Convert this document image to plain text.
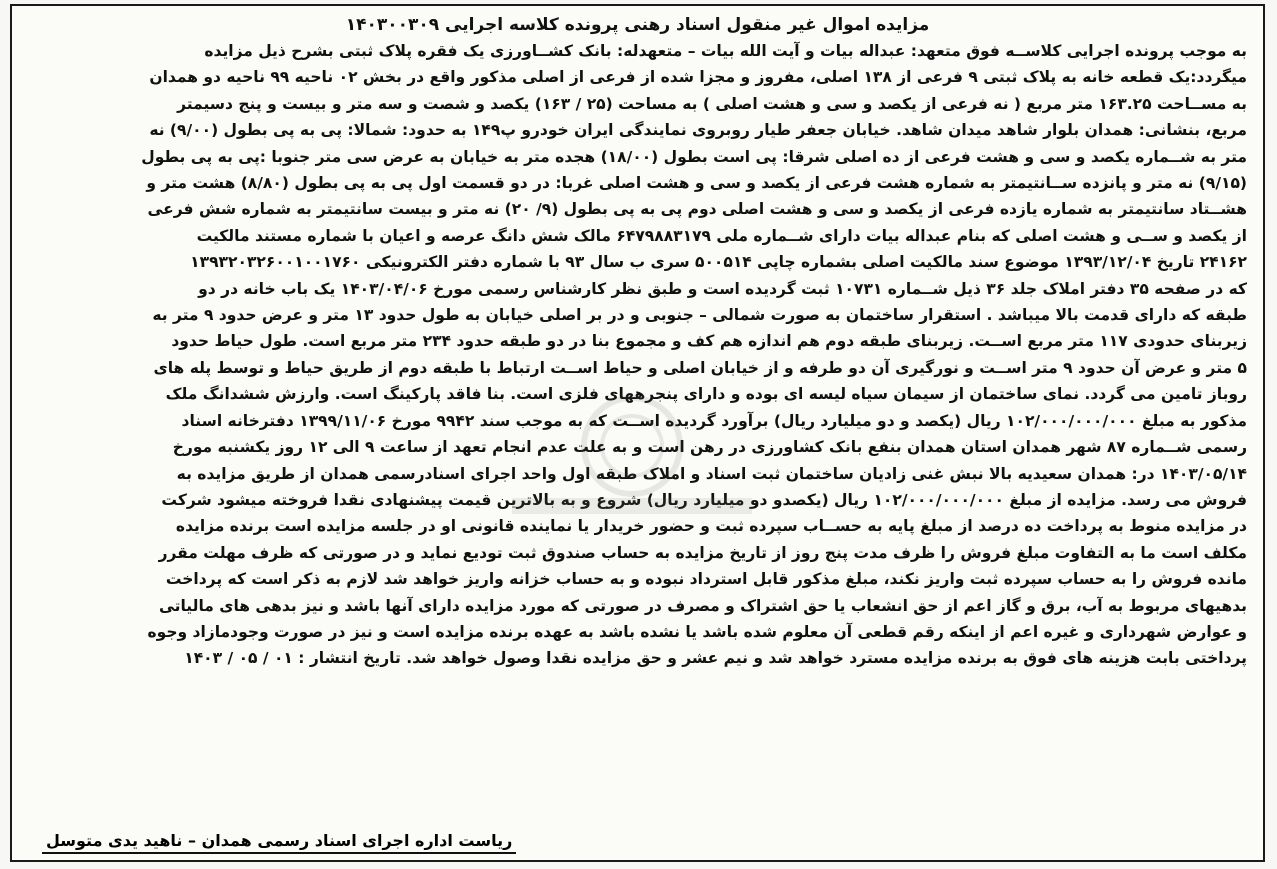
مزایده اموال غیر منقول اسناد رهنی پرونده کلاسه اجرایی ۱۴۰۳۰۰۳۰۹
به موجب پرونده اجرایی کلاســه فوق متعهد: عبداله بیات و آیت الله بیات – متعهدله: بانک کشــاورزی یک فقره پلاک ثبتی بشرح ذیل مزایده
میگردد:یک قطعه خانه به پلاک ثبتی ۹ فرعی از ۱۳۸ اصلی، مفروز و مجزا شده از فرعی از اصلی مذکور واقع در بخش ۰۲ ناحیه ۹۹ ناحیه دو همدان
به مســاحت ۱۶۳.۲۵ متر مربع ( نه فرعی از یکصد و سی و هشت اصلی ) به مساحت (۲۵ / ۱۶۳) یکصد و شصت و سه متر و بیست و پنج دسیمتر
مربع، بنشانی: همدان بلوار شاهد میدان شاهد. خیابان جعفر طیار روبروی نمایندگی ایران خودرو پ۱۴۹ به حدود: شمالا: پی به پی بطول (۹/۰۰) نه
متر به شــماره یکصد و سی و هشت فرعی از ده اصلی شرقا: پی است بطول (۱۸/۰۰) هجده متر به خیابان به عرض سی متر جنوبا :پی به پی بطول
(۹/۱۵) نه متر و پانزده ســانتیمتر به شماره هشت فرعی از یکصد و سی و هشت اصلی غربا: در دو قسمت اول پی به پی بطول (۸/۸۰) هشت متر و
هشــتاد سانتیمتر به شماره یازده فرعی از یکصد و سی و هشت اصلی دوم پی به پی بطول (۹/ ۲۰) نه متر و بیست سانتیمتر به شماره شش فرعی
از یکصد و ســی و هشت اصلی که بنام عبداله بیات دارای شــماره ملی ۶۴۷۹۸۸۳۱۷۹ مالک شش دانگ عرصه و اعیان با شماره مستند مالکیت
۲۴۱۶۲ تاریخ ۱۳۹۳/۱۲/۰۴ موضوع سند مالکیت اصلی بشماره چاپی ۵۰۰۵۱۴ سری ب سال ۹۳ با شماره دفتر الکترونیکی ۱۳۹۳۲۰۳۲۶۰۰۱۰۰۱۷۶۰
که در صفحه ۳۵ دفتر املاک جلد ۳۶ ذیل شــماره ۱۰۷۳۱ ثبت گردیده است و طبق نظر کارشناس رسمی مورخ ۱۴۰۳/۰۴/۰۶ یک باب خانه در دو
طبقه که دارای قدمت بالا میباشد . استقرار ساختمان به صورت شمالی – جنوبی و در بر اصلی خیابان به طول حدود ۱۳ متر و عرض حدود ۹ متر به
زیربنای حدودی ۱۱۷ متر مربع اســت. زیربنای طبقه دوم هم اندازه هم کف و مجموع بنا در دو طبقه حدود ۲۳۴ متر مربع است. طول حیاط حدود
۵ متر و عرض آن حدود ۹ متر اســت و نورگیری آن دو طرفه و از خیابان اصلی و حیاط اســت ارتباط با طبقه دوم از طریق حیاط و توسط پله های
روباز تامین می گردد. نمای ساختمان از سیمان سیاه لیسه ای بوده و دارای پنجرههای فلزی است. بنا فاقد پارکینگ است. وارزش ششدانگ ملک
مذکور به مبلغ ۱۰۲/۰۰۰/۰۰۰/۰۰۰ ریال (یکصد و دو میلیارد ریال) برآورد گردیده اســت که به موجب سند ۹۹۴۲ مورخ ۱۳۹۹/۱۱/۰۶ دفترخانه اسناد
رسمی شــماره ۸۷ شهر همدان استان همدان بنفع بانک کشاورزی در رهن است و به علت عدم انجام تعهد از ساعت ۹ الی ۱۲ روز یکشنبه مورخ
۱۴۰۳/۰۵/۱۴ در: همدان سعیدیه بالا نبش غنی زادیان ساختمان ثبت اسناد و املاک طبقه اول واحد اجرای اسنادرسمی همدان از طریق مزایده به
فروش می رسد. مزایده از مبلغ ۱۰۲/۰۰۰/۰۰۰/۰۰۰ ریال (یکصدو دو میلیارد ریال) شروع و به بالاترین قیمت پیشنهادی نقدا فروخته میشود شرکت
در مزایده منوط به پرداخت ده درصد از مبلغ پایه به حســاب سپرده ثبت و حضور خریدار یا نماینده قانونی او در جلسه مزایده است برنده مزایده
مکلف است ما به التفاوت مبلغ فروش را ظرف مدت پنج روز از تاریخ مزایده به حساب صندوق ثبت تودیع نماید و در صورتی که ظرف مهلت مقرر
مانده فروش را به حساب سپرده ثبت واریز نکند، مبلغ مذکور قابل استرداد نبوده و به حساب خزانه واریز خواهد شد لازم به ذکر است که پرداخت
بدهیهای مربوط به آب، برق و گاز اعم از حق انشعاب یا حق اشتراک و مصرف در صورتی که مورد مزایده دارای آنها باشد و نیز بدهی های مالیاتی
و عوارض شهرداری و غیره اعم از اینکه رقم قطعی آن معلوم شده باشد یا نشده باشد به عهده برنده مزایده است و نیز در صورت وجودمازاد وجوه
پرداختی بابت هزینه های فوق به برنده مزایده مسترد خواهد شد و نیم عشر و حق مزایده نقدا وصول خواهد شد. تاریخ انتشار : ۰۱ / ۰۵ / ۱۴۰۳
ریاست اداره اجرای اسناد رسمی همدان – ناهید یدی متوسل
